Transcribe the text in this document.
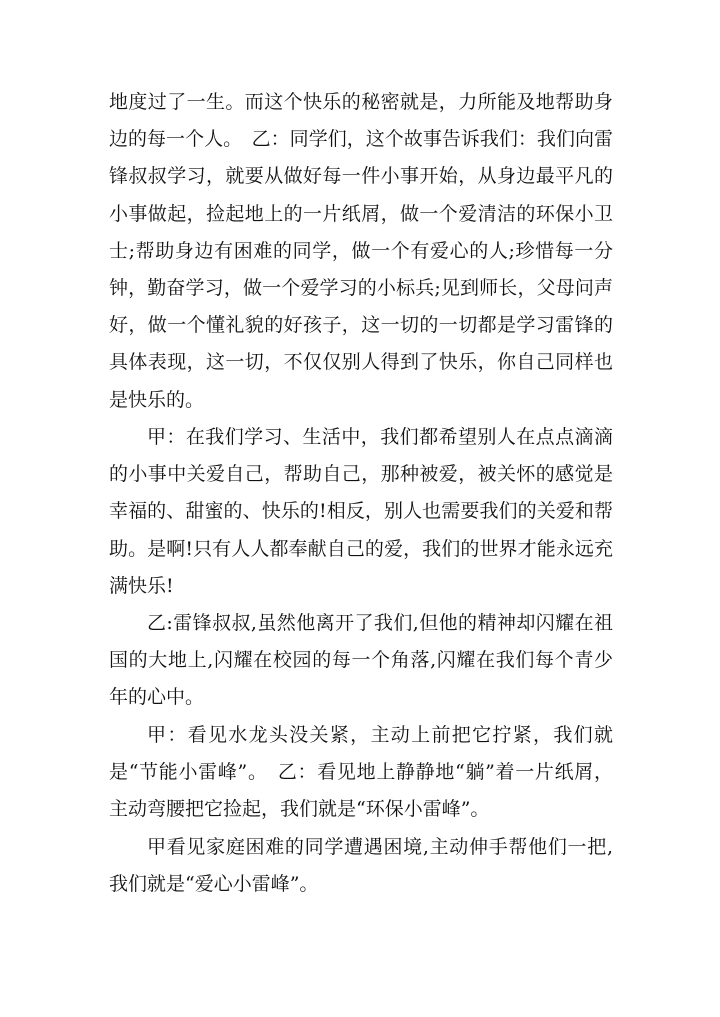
地度过了一生。而这个快乐的秘密就是，力所能及地帮助身边的每一个人。　乙：同学们，这个故事告诉我们：我们向雷锋叔叔学习，就要从做好每一件小事开始，从身边最平凡的小事做起，捡起地上的一片纸屑，做一个爱清洁的环保小卫士;帮助身边有困难的同学，做一个有爱心的人;珍惜每一分钟，勤奋学习，做一个爱学习的小标兵;见到师长，父母问声好，做一个懂礼貌的好孩子，这一切的一切都是学习雷锋的具体表现，这一切，不仅仅别人得到了快乐，你自己同样也是快乐的。

甲：在我们学习、生活中，我们都希望别人在点点滴滴的小事中关爱自己，帮助自己，那种被爱，被关怀的感觉是幸福的、甜蜜的、快乐的!相反，别人也需要我们的关爱和帮助。是啊!只有人人都奉献自己的爱，我们的世界才能永远充满快乐!

乙:雷锋叔叔,虽然他离开了我们,但他的精神却闪耀在祖国的大地上,闪耀在校园的每一个角落,闪耀在我们每个青少年的心中。

甲：看见水龙头没关紧，主动上前把它拧紧，我们就是“节能小雷峰”。　乙：看见地上静静地“躺”着一片纸屑，主动弯腰把它捡起，我们就是“环保小雷峰”。

甲看见家庭困难的同学遭遇困境,主动伸手帮他们一把,我们就是“爱心小雷峰”。
